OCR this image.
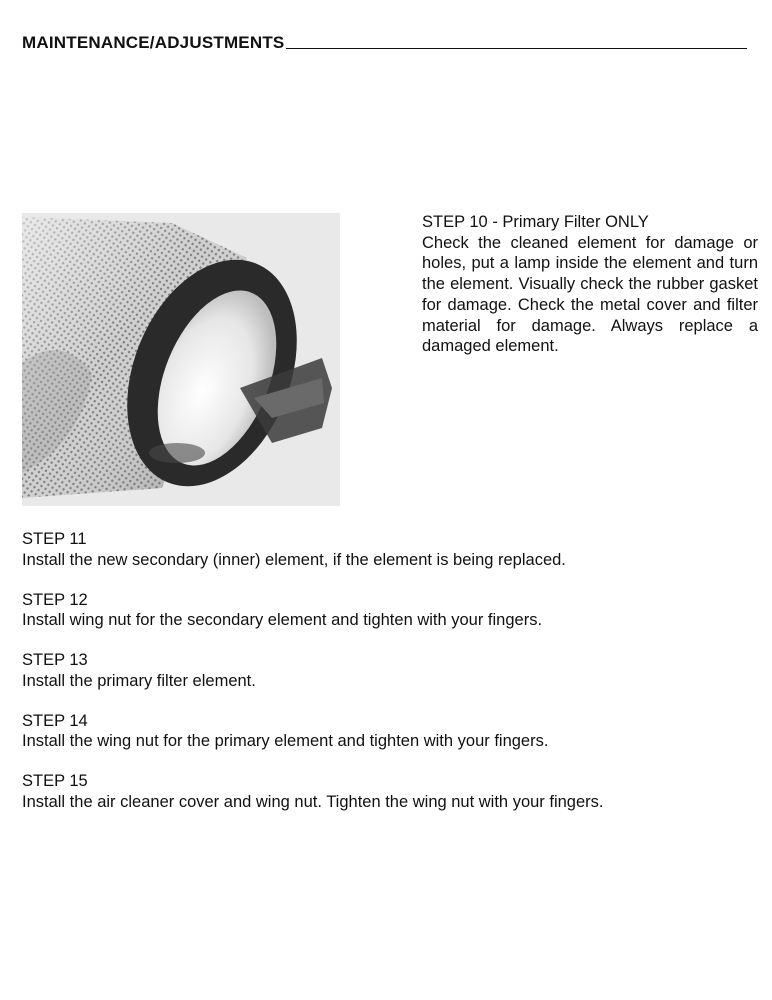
MAINTENANCE/ADJUSTMENTS
STEP 10 - Primary Filter ONLY
Check the cleaned element for damage or holes, put a lamp inside the element and turn the element. Visually check the rubber gasket for damage. Check the metal cover and filter material for damage. Always replace a damaged element.
STEP 11
Install the new secondary (inner) element, if the element is being replaced.
STEP 12
Install wing nut for the secondary element and tighten with your fingers.
STEP 13
Install the primary filter element.
STEP 14
Install the wing nut for the primary element and tighten with your fingers.
STEP 15
Install the air cleaner cover and wing nut. Tighten the wing nut with your fingers.
